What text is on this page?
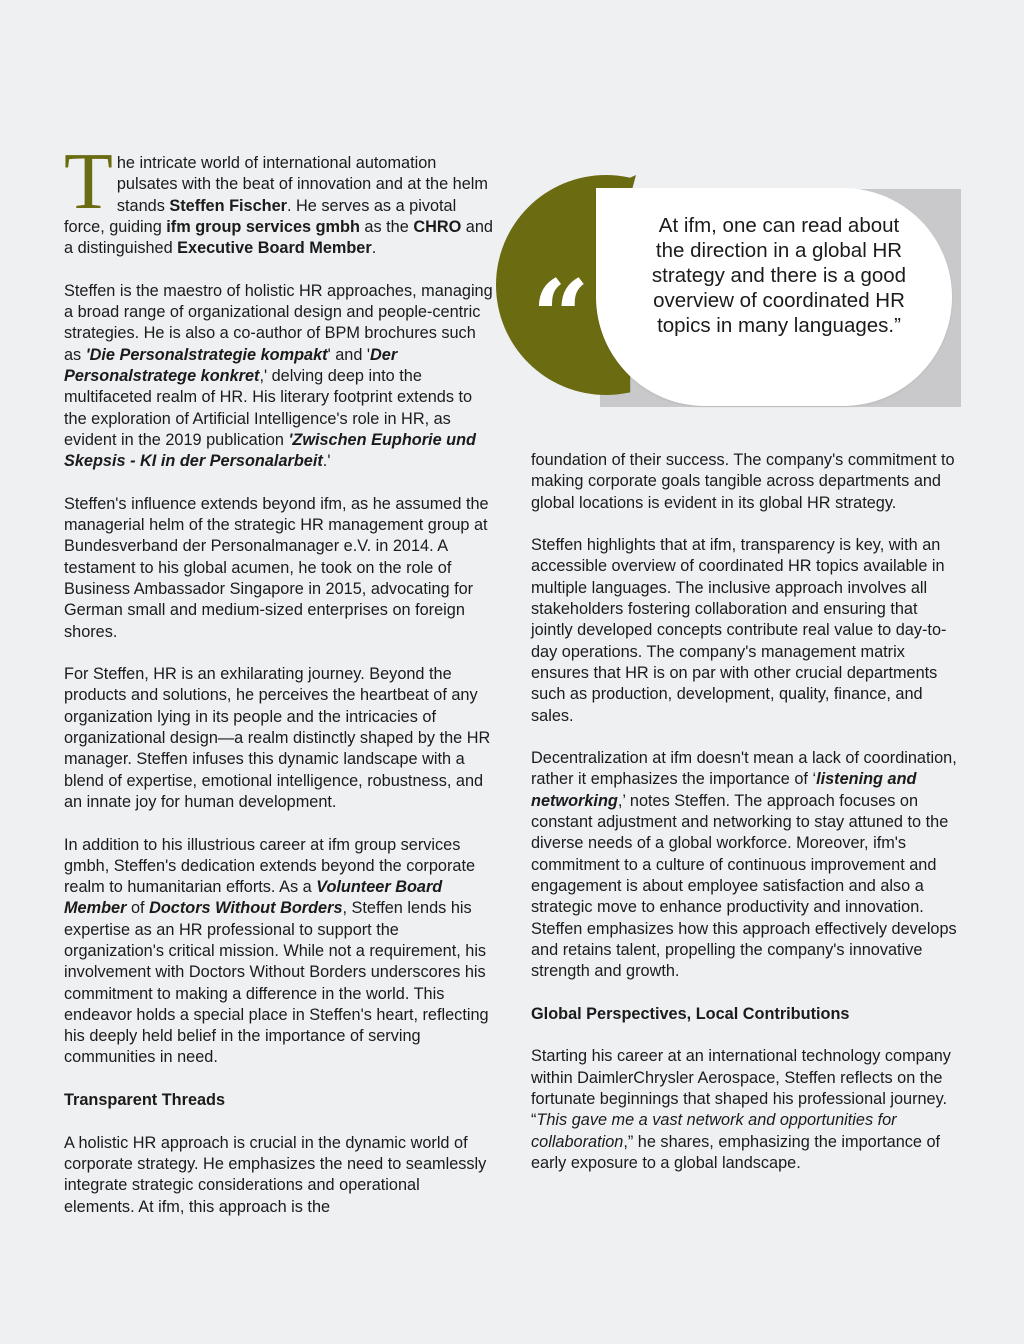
T he intricate world of international automation pulsates with the beat of innovation and at the helm stands Steffen Fischer. He serves as a pivotal force, guiding ifm group services gmbh as the CHRO and a distinguished Executive Board Member.

Steffen is the maestro of holistic HR approaches, managing a broad range of organizational design and people-centric strategies. He is also a co-author of BPM brochures such as 'Die Personalstrategie kompakt' and 'Der Personalstratege konkret,' delving deep into the multifaceted realm of HR. His literary footprint extends to the exploration of Artificial Intelligence's role in HR, as evident in the 2019 publication 'Zwischen Euphorie und Skepsis - KI in der Personalarbeit.'

Steffen's influence extends beyond ifm, as he assumed the managerial helm of the strategic HR management group at Bundesverband der Personalmanager e.V. in 2014. A testament to his global acumen, he took on the role of Business Ambassador Singapore in 2015, advocating for German small and medium-sized enterprises on foreign shores.

For Steffen, HR is an exhilarating journey. Beyond the products and solutions, he perceives the heartbeat of any organization lying in its people and the intricacies of organizational design—a realm distinctly shaped by the HR manager. Steffen infuses this dynamic landscape with a blend of expertise, emotional intelligence, robustness, and an innate joy for human development.

In addition to his illustrious career at ifm group services gmbh, Steffen's dedication extends beyond the corporate realm to humanitarian efforts. As a Volunteer Board Member of Doctors Without Borders, Steffen lends his expertise as an HR professional to support the organization's critical mission. While not a requirement, his involvement with Doctors Without Borders underscores his commitment to making a difference in the world. This endeavor holds a special place in Steffen's heart, reflecting his deeply held belief in the importance of serving communities in need.

Transparent Threads

A holistic HR approach is crucial in the dynamic world of corporate strategy. He emphasizes the need to seamlessly integrate strategic considerations and operational elements. At ifm, this approach is the

“
At ifm, one can read about the direction in a global HR strategy and there is a good overview of coordinated HR topics in many languages.”

foundation of their success. The company's commitment to making corporate goals tangible across departments and global locations is evident in its global HR strategy.

Steffen highlights that at ifm, transparency is key, with an accessible overview of coordinated HR topics available in multiple languages. The inclusive approach involves all stakeholders fostering collaboration and ensuring that jointly developed concepts contribute real value to day-to-day operations. The company's management matrix ensures that HR is on par with other crucial departments such as production, development, quality, finance, and sales.

Decentralization at ifm doesn't mean a lack of coordination, rather it emphasizes the importance of ‘listening and networking,’ notes Steffen. The approach focuses on constant adjustment and networking to stay attuned to the diverse needs of a global workforce. Moreover, ifm's commitment to a culture of continuous improvement and engagement is about employee satisfaction and also a strategic move to enhance productivity and innovation. Steffen emphasizes how this approach effectively develops and retains talent, propelling the company's innovative strength and growth.

Global Perspectives, Local Contributions

Starting his career at an international technology company within DaimlerChrysler Aerospace, Steffen reflects on the fortunate beginnings that shaped his professional journey. “This gave me a vast network and opportunities for collaboration,” he shares, emphasizing the importance of early exposure to a global landscape.
